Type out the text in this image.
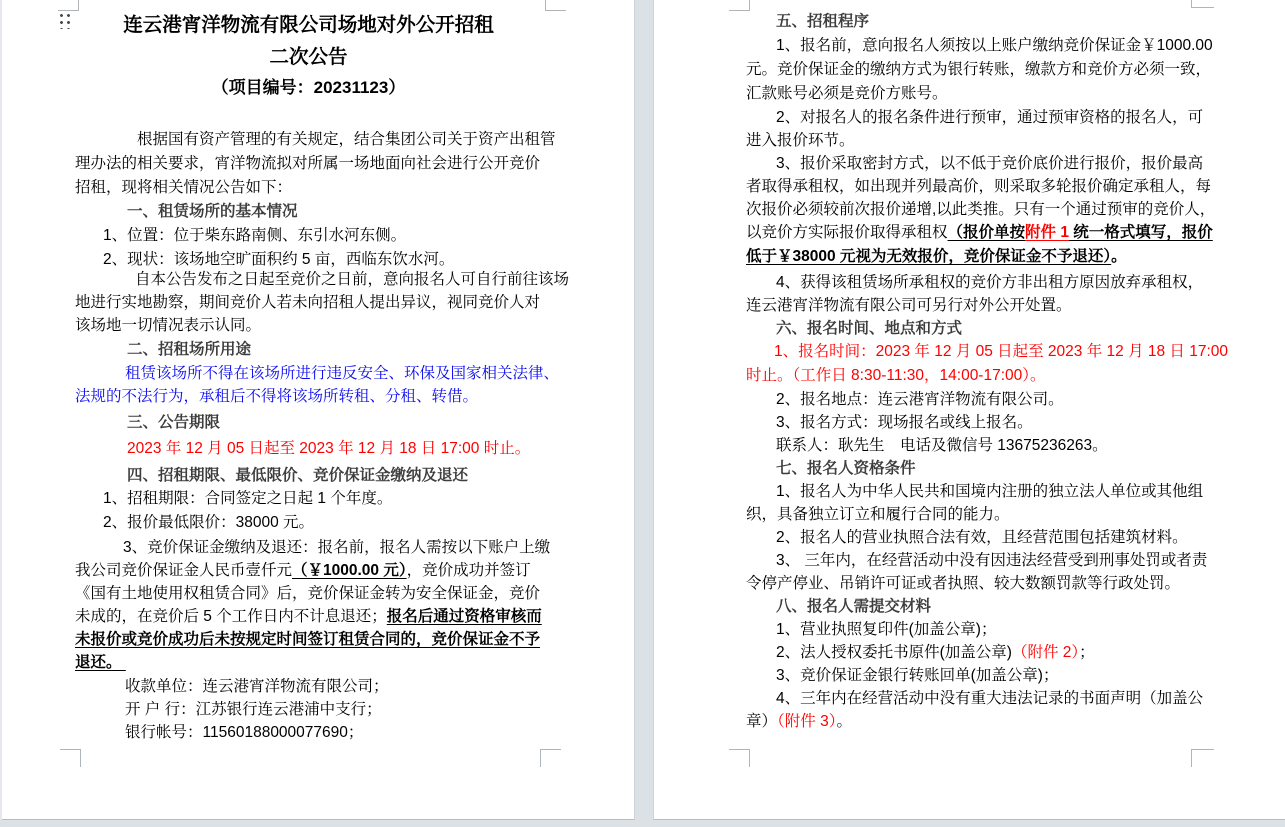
连云港宵洋物流有限公司场地对外公开招租
二次公告
（项目编号：20231123）
根据国有资产管理的有关规定，结合集团公司关于资产出租管
理办法的相关要求，宵洋物流拟对所属一场地面向社会进行公开竞价
招租，现将相关情况公告如下：
一、租赁场所的基本情况
1、位置：位于柴东路南侧、东引水河东侧。
2、现状：该场地空旷面积约 5 亩，西临东饮水河。
自本公告发布之日起至竞价之日前，意向报名人可自行前往该场
地进行实地勘察，期间竞价人若未向招租人提出异议，视同竞价人对
该场地一切情况表示认同。
二、招租场所用途
租赁该场所不得在该场所进行违反安全、环保及国家相关法律、
法规的不法行为，承租后不得将该场所转租、分租、转借。
三、公告期限
2023 年 12 月 05 日起至 2023 年 12 月 18 日 17:00 时止。
四、招租期限、最低限价、竞价保证金缴纳及退还
1、招租期限：合同签定之日起 1 个年度。
2、报价最低限价：38000 元。
3、竞价保证金缴纳及退还：报名前，报名人需按以下账户上缴
我公司竞价保证金人民币壹仟元（￥1000.00 元），竞价成功并签订
《国有土地使用权租赁合同》后，竞价保证金转为安全保证金，竞价
未成的，在竞价后 5 个工作日内不计息退还；报名后通过资格审核而
未报价或竞价成功后未按规定时间签订租赁合同的，竞价保证金不予
退还。
收款单位：连云港宵洋物流有限公司；
开 户 行：江苏银行连云港浦中支行；
银行帐号：11560188000077690；
五、招租程序
1、报名前，意向报名人须按以上账户缴纳竞价保证金￥1000.00
元。竞价保证金的缴纳方式为银行转账，缴款方和竞价方必须一致，
汇款账号必须是竞价方账号。
2、对报名人的报名条件进行预审，通过预审资格的报名人，可
进入报价环节。
3、报价采取密封方式，以不低于竞价底价进行报价，报价最高
者取得承租权，如出现并列最高价，则采取多轮报价确定承租人，每
次报价必须较前次报价递增,以此类推。只有一个通过预审的竞价人，
以竞价方实际报价取得承租权（报价单按附件 1 统一格式填写，报价
低于￥38000 元视为无效报价，竞价保证金不予退还）。
4、获得该租赁场所承租权的竞价方非出租方原因放弃承租权，
连云港宵洋物流有限公司可另行对外公开处置。
六、报名时间、地点和方式
1、报名时间：2023 年 12 月 05 日起至 2023 年 12 月 18 日 17:00
时止。（工作日 8:30-11:30，14:00-17:00）。
2、报名地点：连云港宵洋物流有限公司。
3、报名方式：现场报名或线上报名。
联系人：耿先生　电话及微信号 13675236263。
七、报名人资格条件
1、报名人为中华人民共和国境内注册的独立法人单位或其他组
织，具备独立订立和履行合同的能力。
2、报名人的营业执照合法有效，且经营范围包括建筑材料。
3、 三年内，在经营活动中没有因违法经营受到刑事处罚或者责
令停产停业、吊销许可证或者执照、较大数额罚款等行政处罚。
八、报名人需提交材料
1、营业执照复印件(加盖公章)；
2、法人授权委托书原件(加盖公章)（附件 2）；
3、竞价保证金银行转账回单(加盖公章)；
4、三年内在经营活动中没有重大违法记录的书面声明（加盖公
章）（附件 3）。
